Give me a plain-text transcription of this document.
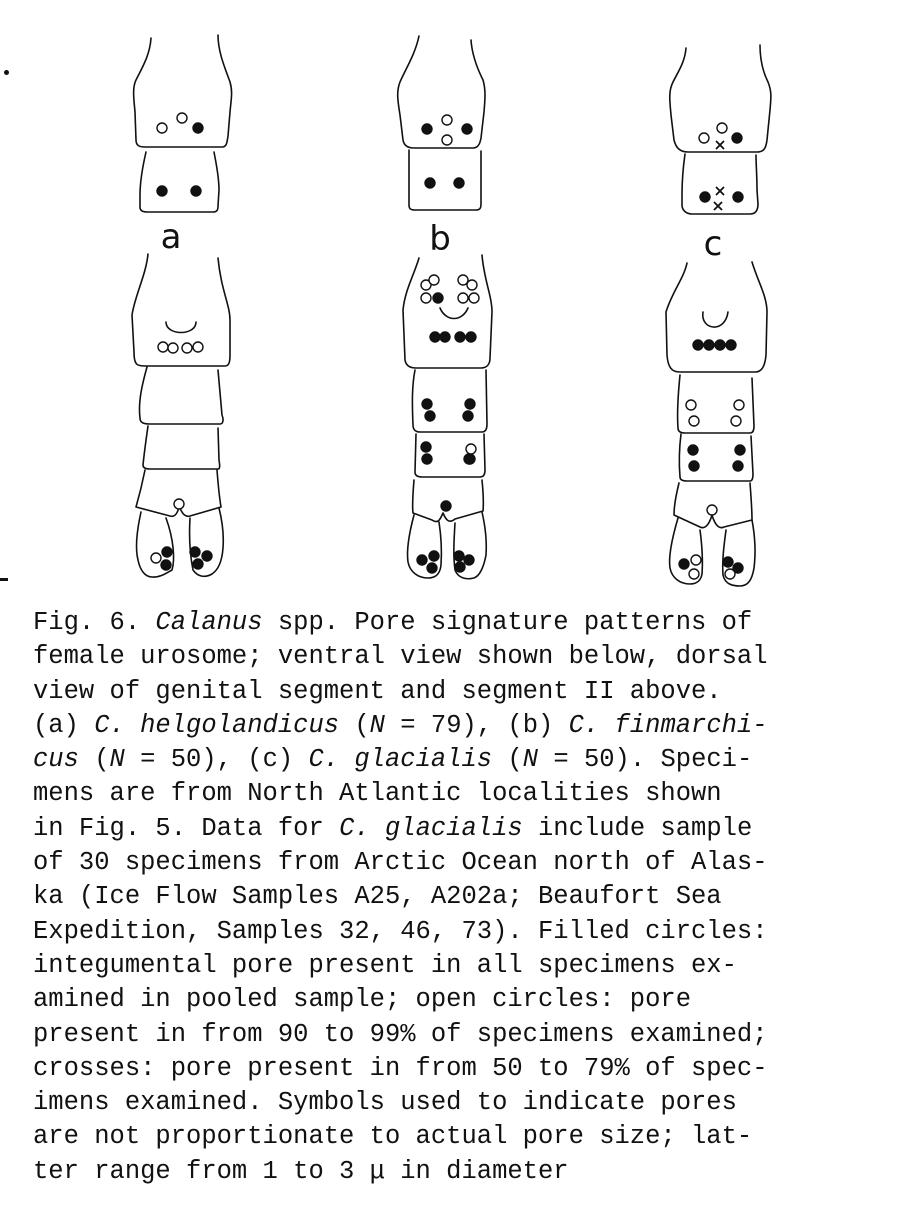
a	b	c
Fig. 6. Calanus spp. Pore signature patterns of
female urosome; ventral view shown below, dorsal
view of genital segment and segment II above.
(a) C. helgolandicus (N = 79), (b) C. finmarchi-
cus (N = 50), (c) C. glacialis (N = 50). Speci-
mens are from North Atlantic localities shown
in Fig. 5. Data for C. glacialis include sample
of 30 specimens from Arctic Ocean north of Alas-
ka (Ice Flow Samples A25, A202a; Beaufort Sea
Expedition, Samples 32, 46, 73). Filled circles:
integumental pore present in all specimens ex-
amined in pooled sample; open circles: pore
present in from 90 to 99% of specimens examined;
crosses: pore present in from 50 to 79% of spec-
imens examined. Symbols used to indicate pores
are not proportionate to actual pore size; lat-
ter range from 1 to 3 μ in diameter
